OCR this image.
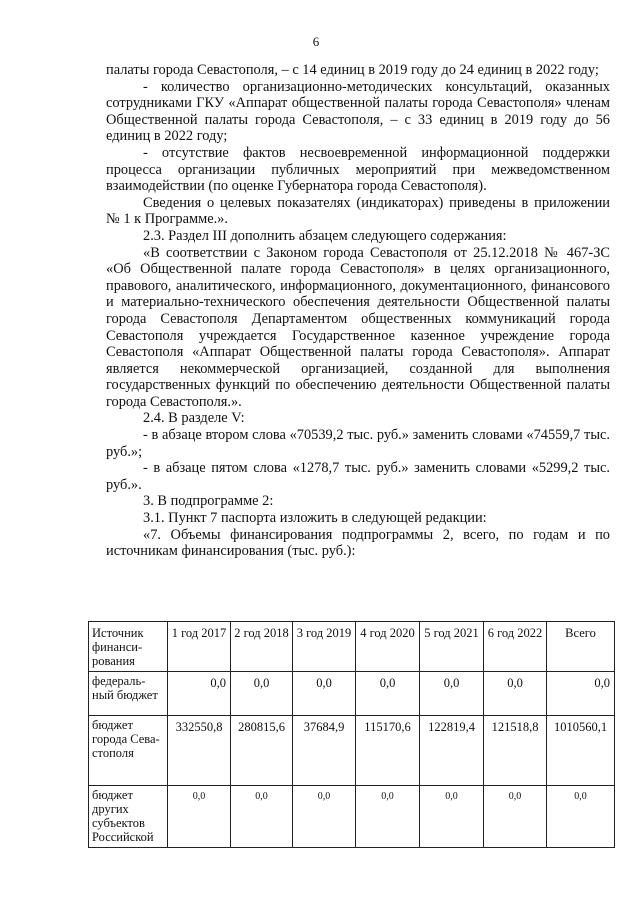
6

палаты города Севастополя, – с 14 единиц в 2019 году до 24 единиц в 2022 году;

- количество организационно-методических консультаций, оказанных сотрудниками ГКУ «Аппарат общественной палаты города Севастополя» членам Общественной палаты города Севастополя, – с 33 единиц в 2019 году до 56 единиц в 2022 году;

- отсутствие фактов несвоевременной информационной поддержки процесса организации публичных мероприятий при межведомственном взаимодействии (по оценке Губернатора города Севастополя).

Сведения о целевых показателях (индикаторах) приведены в приложении № 1 к Программе.».

2.3. Раздел III дополнить абзацем следующего содержания:

«В соответствии с Законом города Севастополя от 25.12.2018 № 467-ЗС «Об Общественной палате города Севастополя» в целях организационного, правового, аналитического, информационного, документационного, финансового и материально-технического обеспечения деятельности Общественной палаты города Севастополя Департаментом общественных коммуникаций города Севастополя учреждается Государственное казенное учреждение города Севастополя «Аппарат Общественной палаты города Севастополя». Аппарат является некоммерческой организацией, созданной для выполнения государственных функций по обеспечению деятельности Общественной палаты города Севастополя.».

2.4. В разделе V:

- в абзаце втором слова «70539,2 тыс. руб.» заменить словами «74559,7 тыс. руб.»;

- в абзаце пятом слова «1278,7 тыс. руб.» заменить словами «5299,2 тыс. руб.».

3. В подпрограмме 2:

3.1. Пункт 7 паспорта изложить в следующей редакции:

«7. Объемы финансирования подпрограммы 2, всего, по годам и по источникам финансирования (тыс. руб.):

Источник финанси-рования	1 год 2017	2 год 2018	3 год 2019	4 год 2020	5 год 2021	6 год 2022	Всего
федераль-ный бюджет	0,0	0,0	0,0	0,0	0,0	0,0	0,0
бюджет города Сева-стополя	332550,8	280815,6	37684,9	115170,6	122819,4	121518,8	1010560,1
бюджет других субъектов Российской	0,0	0,0	0,0	0,0	0,0	0,0	0,0
